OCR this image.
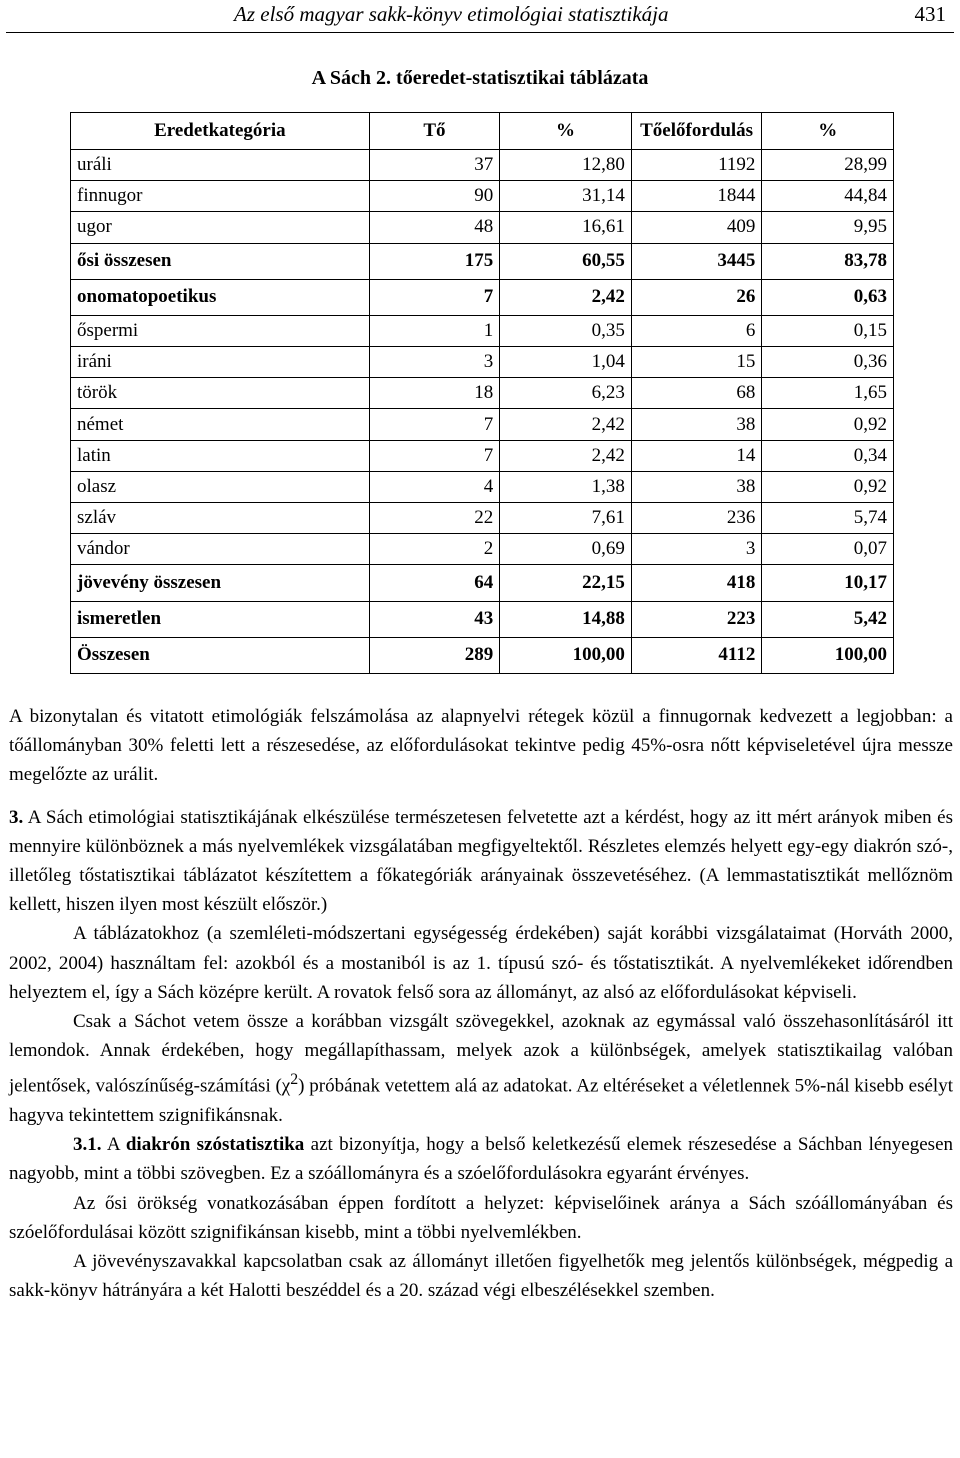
Az első magyar sakk-könyv etimológiai statisztikája	431
A Sách 2. tőeredet-statisztikai táblázata
Eredetkategória	Tő	%	Tőelőfordulás	%
uráli	37	12,80	1192	28,99
finnugor	90	31,14	1844	44,84
ugor	48	16,61	409	9,95
ősi összesen	175	60,55	3445	83,78
onomatopoetikus	7	2,42	26	0,63
őspermi	1	0,35	6	0,15
iráni	3	1,04	15	0,36
török	18	6,23	68	1,65
német	7	2,42	38	0,92
latin	7	2,42	14	0,34
olasz	4	1,38	38	0,92
szláv	22	7,61	236	5,74
vándor	2	0,69	3	0,07
jövevény összesen	64	22,15	418	10,17
ismeretlen	43	14,88	223	5,42
Összesen	289	100,00	4112	100,00

A bizonytalan és vitatott etimológiák felszámolása az alapnyelvi rétegek közül a finnugornak kedvezett a legjobban: a tőállományban 30% feletti lett a részesedése, az előfordulásokat tekintve pedig 45%-osra nőtt képviseletével újra messze megelőzte az urálit.

3. A Sách etimológiai statisztikájának elkészülése természetesen felvetette azt a kérdést, hogy az itt mért arányok miben és mennyire különböznek a más nyelvemlékek vizsgálatában megfigyeltektől. Részletes elemzés helyett egy-egy diakrón szó-, illetőleg tőstatisztikai táblázatot készítettem a főkategóriák arányainak összevetéséhez. (A lemmastatisztikát mellőznöm kellett, hiszen ilyen most készült először.)

A táblázatokhoz (a szemléleti-módszertani egységesség érdekében) saját korábbi vizsgálataimat (Horváth 2000, 2002, 2004) használtam fel: azokból és a mostaniból is az 1. típusú szó- és tőstatisztikát. A nyelvemlékeket időrendben helyeztem el, így a Sách középre került. A rovatok felső sora az állományt, az alsó az előfordulásokat képviseli.

Csak a Sáchot vetem össze a korábban vizsgált szövegekkel, azoknak az egymással való összehasonlításáról itt lemondok. Annak érdekében, hogy megállapíthassam, melyek azok a különbségek, amelyek statisztikailag valóban jelentősek, valószínűség-számítási $(\chi^2)$ próbának vetettem alá az adatokat. Az eltéréseket a véletlennek 5%-nál kisebb esélyt hagyva tekintettem szignifikánsnak.

3.1. A diakrón szóstatisztika azt bizonyítja, hogy a belső keletkezésű elemek részesedése a Sáchban lényegesen nagyobb, mint a többi szövegben. Ez a szóállományra és a szóelőfordulásokra egyaránt érvényes.

Az ősi örökség vonatkozásában éppen fordított a helyzet: képviselőinek aránya a Sách szóállományában és szóelőfordulásai között szignifikánsan kisebb, mint a többi nyelvemlékben.

A jövevényszavakkal kapcsolatban csak az állományt illetően figyelhetők meg jelentős különbségek, mégpedig a sakk-könyv hátrányára a két Halotti beszéddel és a 20. század végi elbeszélésekkel szemben.
